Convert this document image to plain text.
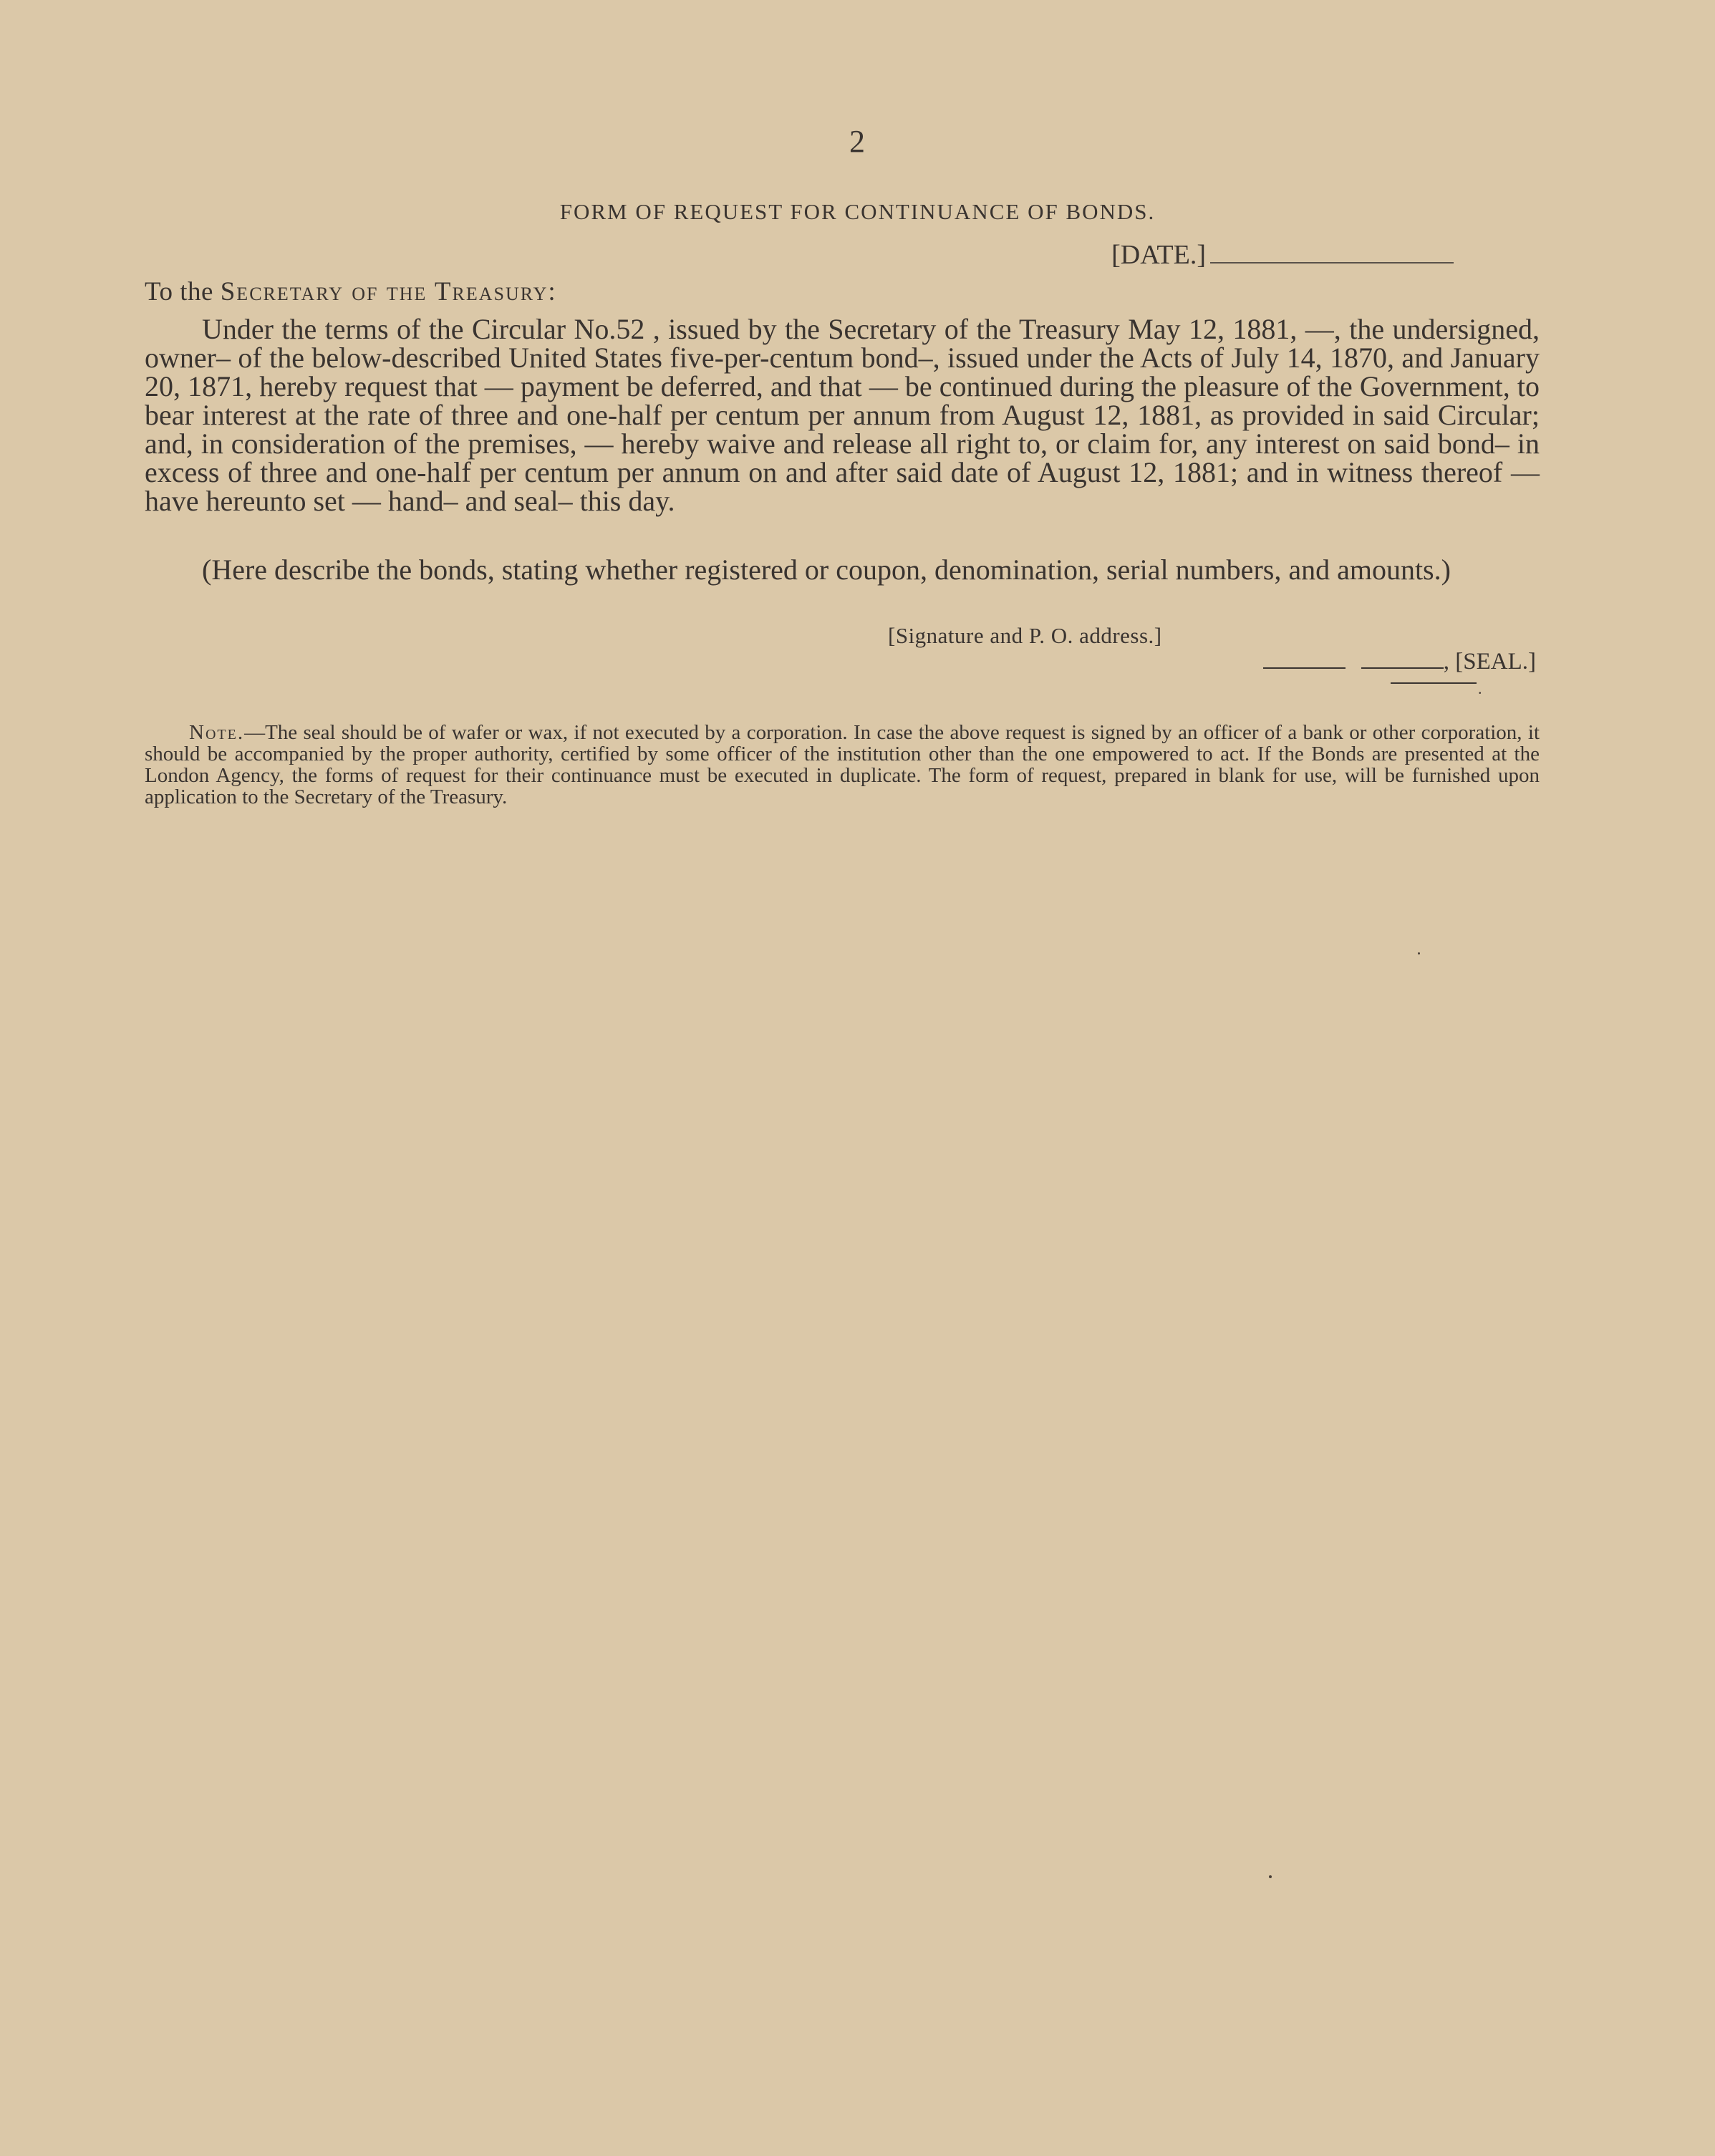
2
FORM OF REQUEST FOR CONTINUANCE OF BONDS.
[DATE.]
To the Secretary of the Treasury:

Under the terms of the Circular No.52 , issued by the Secretary of the Treasury May 12, 1881, —, the undersigned, owner– of the below-described United States five-per-centum bond–, issued under the Acts of July 14, 1870, and January 20, 1871, hereby request that — payment be deferred, and that — be continued during the pleasure of the Government, to bear interest at the rate of three and one-half per centum per annum from August 12, 1881, as provided in said Circular; and, in consideration of the premises, — hereby waive and release all right to, or claim for, any interest on said bond– in excess of three and one-half per centum per annum on and after said date of August 12, 1881; and in witness thereof — have hereunto set — hand– and seal– this day.

(Here describe the bonds, stating whether registered or coupon, denomination, serial numbers, and amounts.)

[Signature and P. O. address.]
, [SEAL.]
.

Note.—The seal should be of wafer or wax, if not executed by a corporation. In case the above request is signed by an officer of a bank or other corporation, it should be accompanied by the proper authority, certified by some officer of the institution other than the one empowered to act. If the Bonds are presented at the London Agency, the forms of request for their continuance must be executed in duplicate. The form of request, prepared in blank for use, will be furnished upon application to the Secretary of the Treasury.
